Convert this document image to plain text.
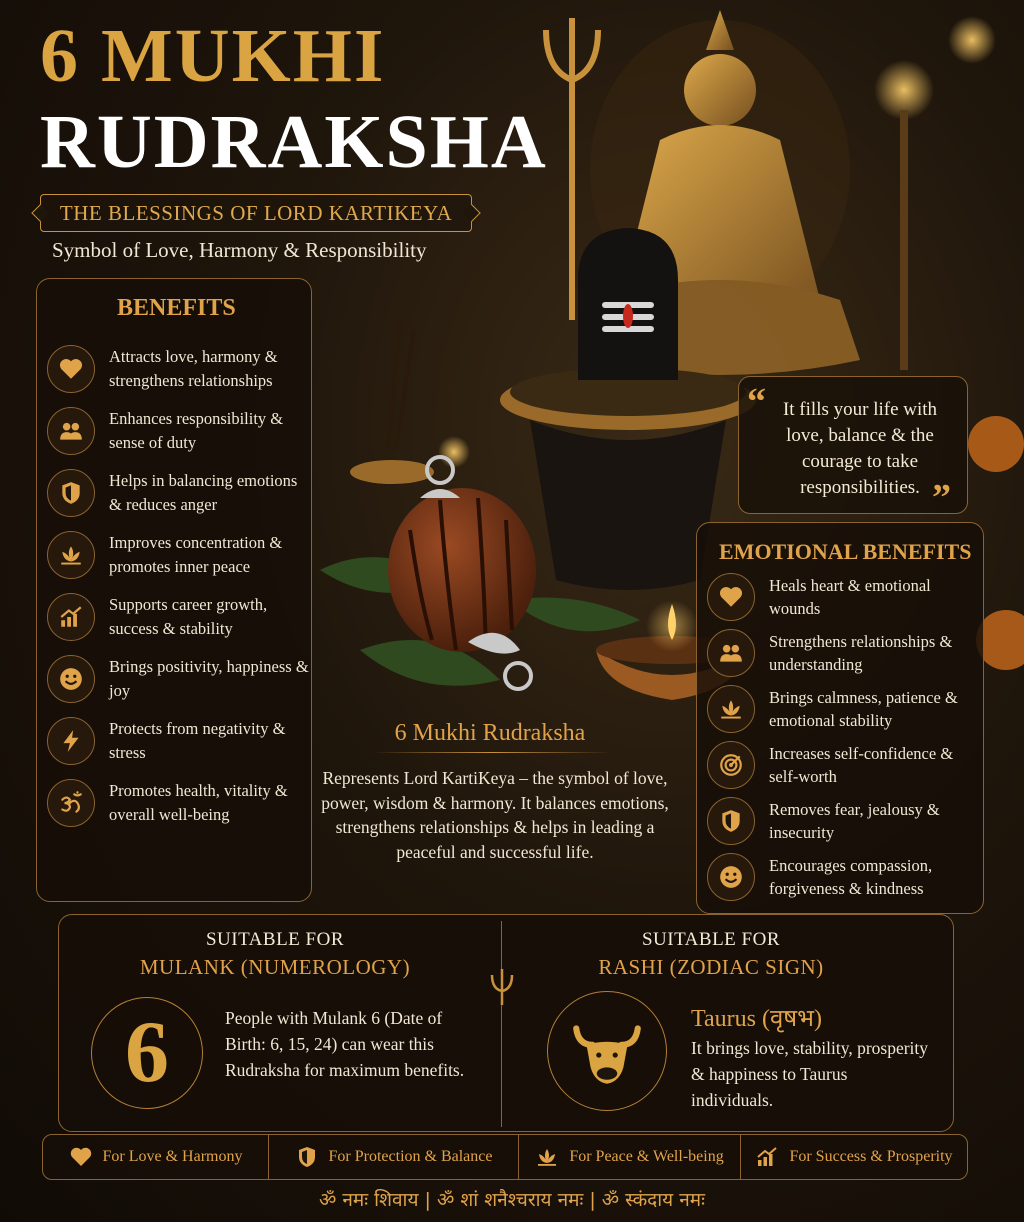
6 MUKHI
RUDRAKSHA
THE BLESSINGS OF LORD KARTIKEYA
Symbol of Love, Harmony & Responsibility
BENEFITS
Attracts love, harmony & strengthens relationships
Enhances responsibility & sense of duty
Helps in balancing emotions & reduces anger
Improves concentration & promotes inner peace
Supports career growth, success & stability
Brings positivity, happiness & joy
Protects from negativity & stress
Promotes health, vitality & overall well-being
“ It fills your life with love, balance & the courage to take responsibilities. ”
EMOTIONAL BENEFITS
Heals heart & emotional wounds
Strengthens relationships & understanding
Brings calmness, patience & emotional stability
Increases self-confidence & self-worth
Removes fear, jealousy & insecurity
Encourages compassion, forgiveness & kindness
6 Mukhi Rudraksha
Represents Lord KartiKeya – the symbol of love, power, wisdom & harmony. It balances emotions, strengthens relationships & helps in leading a peaceful and successful life.
SUITABLE FOR
MULANK (NUMEROLOGY)
6	People with Mulank 6 (Date of Birth: 6, 15, 24) can wear this Rudraksha for maximum benefits.
SUITABLE FOR
RASHI (ZODIAC SIGN)
Taurus (वृषभ)
It brings love, stability, prosperity & happiness to Taurus individuals.
For Love & Harmony	For Protection & Balance	For Peace & Well-being	For Success & Prosperity
ॐ नमः शिवाय | ॐ शां शनैश्चराय नमः | ॐ स्कंदाय नमः
